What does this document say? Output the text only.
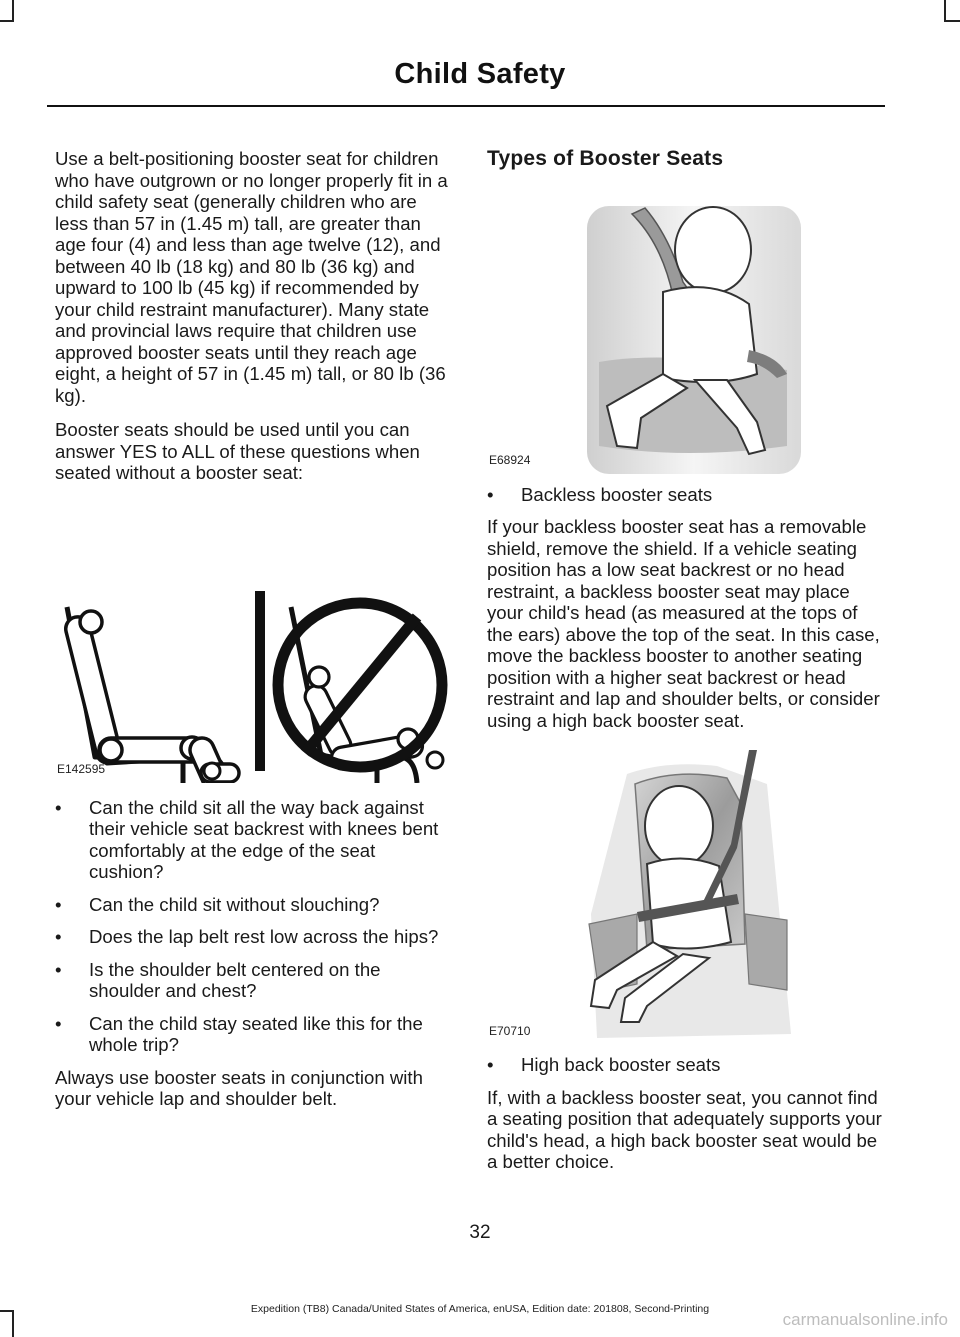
Child Safety

Use a belt-positioning booster seat for children who have outgrown or no longer properly fit in a child safety seat (generally children who are less than 57 in (1.45 m) tall, are greater than age four (4) and less than age twelve (12), and between 40 lb (18 kg) and 80 lb (36 kg) and upward to 100 lb (45 kg) if recommended by your child restraint manufacturer). Many state and provincial laws require that children use approved booster seats until they reach age eight, a height of 57 in (1.45 m) tall, or 80 lb (36 kg).

Booster seats should be used until you can answer YES to ALL of these questions when seated without a booster seat:

E142595
• Can the child sit all the way back against their vehicle seat backrest with knees bent comfortably at the edge of the seat cushion?
• Can the child sit without slouching?
• Does the lap belt rest low across the hips?
• Is the shoulder belt centered on the shoulder and chest?
• Can the child stay seated like this for the whole trip?

Always use booster seats in conjunction with your vehicle lap and shoulder belt.

Types of Booster Seats
E68924
• Backless booster seats

If your backless booster seat has a removable shield, remove the shield. If a vehicle seating position has a low seat backrest or no head restraint, a backless booster seat may place your child's head (as measured at the tops of the ears) above the top of the seat. In this case, move the backless booster to another seating position with a higher seat backrest or head restraint and lap and shoulder belts, or consider using a high back booster seat.

E70710
• High back booster seats

If, with a backless booster seat, you cannot find a seating position that adequately supports your child's head, a high back booster seat would be a better choice.

32
Expedition (TB8) Canada/United States of America, enUSA, Edition date: 201808, Second-Printing
carmanualsonline.info
